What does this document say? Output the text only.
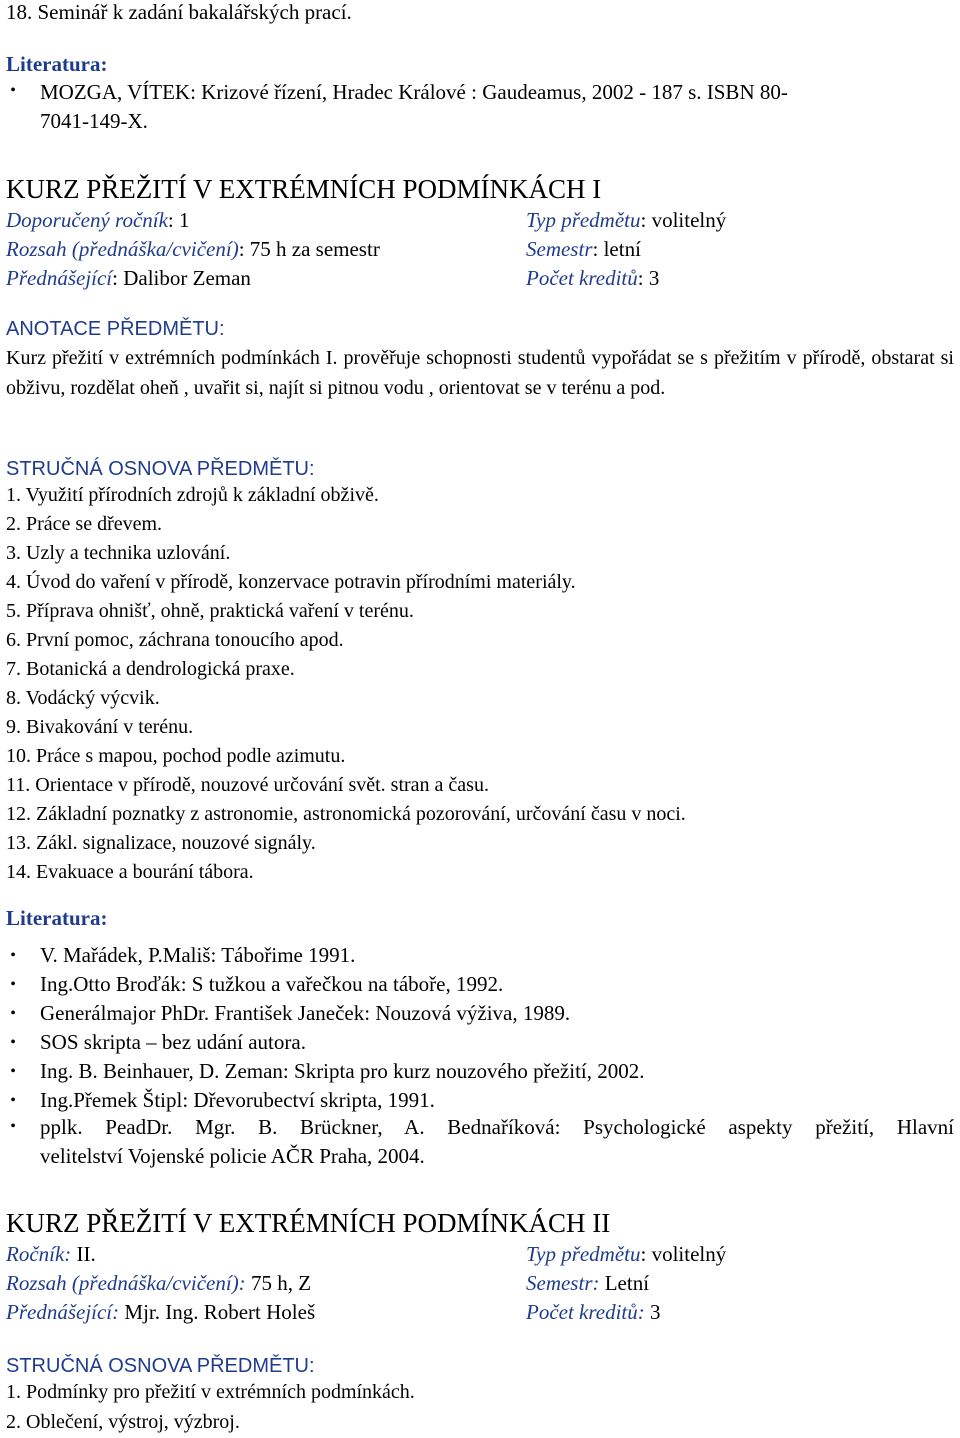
18. Seminář k zadání bakalářských prací.
Literatura:
• MOZGA, VÍTEK: Krizové řízení, Hradec Králové : Gaudeamus, 2002 - 187 s. ISBN 80-
7041-149-X.
KURZ PŘEŽITÍ V EXTRÉMNÍCH PODMÍNKÁCH I
Doporučený ročník: 1	Typ předmětu: volitelný
Rozsah (přednáška/cvičení): 75 h za semestr	Semestr: letní
Přednášející: Dalibor Zeman	Počet kreditů: 3
ANOTACE PŘEDMĚTU:
Kurz přežití v extrémních podmínkách I. prověřuje schopnosti studentů vypořádat se s přežitím v přírodě, obstarat si obživu, rozdělat oheň , uvařit si, najít si pitnou vodu , orientovat se v terénu a pod.
STRUČNÁ OSNOVA PŘEDMĚTU:
1. Využití přírodních zdrojů k základní obživě.
2. Práce se dřevem.
3. Uzly a technika uzlování.
4. Úvod do vaření v přírodě, konzervace potravin přírodními materiály.
5. Příprava ohnišť, ohně, praktická vaření v terénu.
6. První pomoc, záchrana tonoucího apod.
7. Botanická a dendrologická praxe.
8. Vodácký výcvik.
9. Bivakování v terénu.
10. Práce s mapou, pochod podle azimutu.
11. Orientace v přírodě, nouzové určování svět. stran a času.
12. Základní poznatky z astronomie, astronomická pozorování, určování času v noci.
13. Zákl. signalizace, nouzové signály.
14. Evakuace a bourání tábora.
Literatura:
• V. Mařádek, P.Mališ: Tábořime 1991.
• Ing.Otto Broďák: S tužkou a vařečkou na táboře, 1992.
• Generálmajor PhDr. František Janeček: Nouzová výživa, 1989.
• SOS skripta – bez udání autora.
• Ing. B. Beinhauer, D. Zeman: Skripta pro kurz nouzového přežití, 2002.
• Ing.Přemek Štipl: Dřevorubectví skripta, 1991.
• pplk. PeadDr. Mgr. B. Brückner, A. Bednaříková: Psychologické aspekty přežití, Hlavní
velitelství Vojenské policie AČR Praha, 2004.
KURZ PŘEŽITÍ V EXTRÉMNÍCH PODMÍNKÁCH II
Ročník: II.	Typ předmětu: volitelný
Rozsah (přednáška/cvičení): 75 h, Z	Semestr: Letní
Přednášející: Mjr. Ing. Robert Holeš	Počet kreditů: 3
STRUČNÁ OSNOVA PŘEDMĚTU:
1. Podmínky pro přežití v extrémních podmínkách.
2. Oblečení, výstroj, výzbroj.
